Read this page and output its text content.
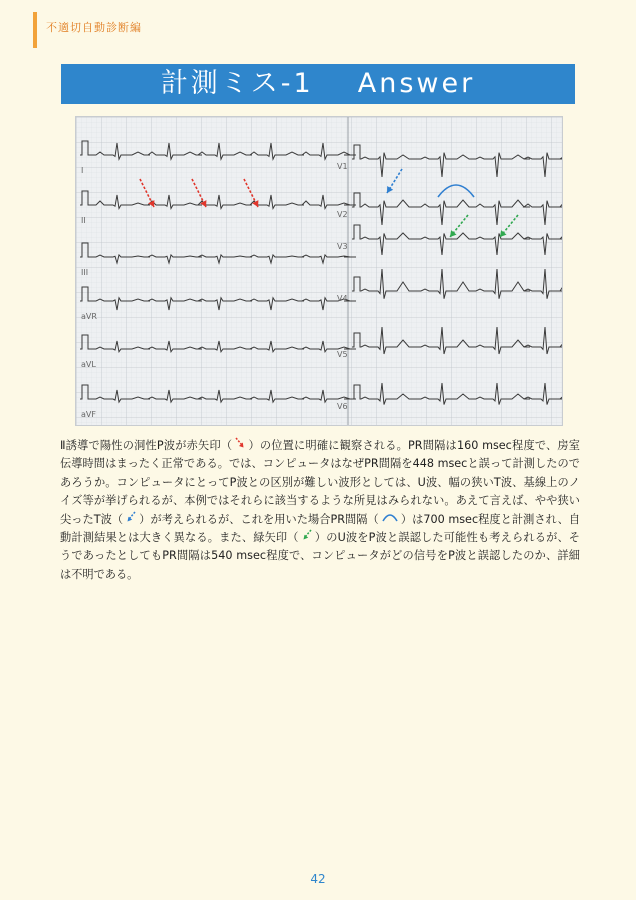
不適切自動診断編
計測ミス-1 Answer
I
II
III
aVR
aVL
aVF
V1
V2
V3
V4
V5
V6

Ⅱ誘導で陽性の洞性P波が赤矢印（ ）の位置に明確に観察される。PR間隔は160 msec程度で、房室伝導時間はまったく正常である。では、コンピュータはなぜPR間隔を448 msecと誤って計測したのであろうか。コンピュータにとってP波との区別が難しい波形としては、U波、幅の狭いT波、基線上のノイズ等が挙げられるが、本例ではそれらに該当するような所見はみられない。あえて言えば、やや狭い尖ったT波（ ）が考えられるが、これを用いた場合PR間隔（ ）は700 msec程度と計測され、自動計測結果とは大きく異なる。また、緑矢印（ ）のU波をP波と誤認した可能性も考えられるが、そうであったとしてもPR間隔は540 msec程度で、コンピュータがどの信号をP波と誤認したのか、詳細は不明である。

42
